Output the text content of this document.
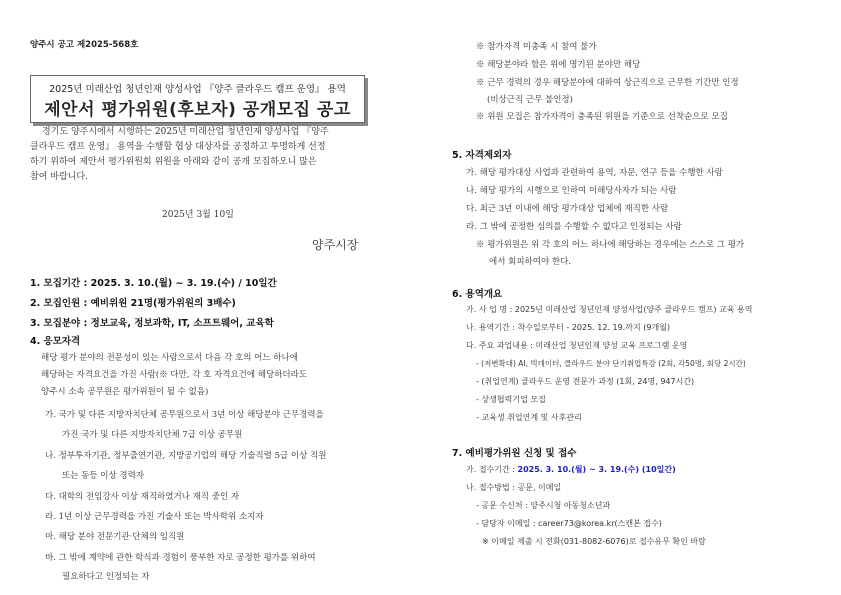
양주시 공고 제2025-568호
2025년 미래산업 청년인재 양성사업 『양주 클라우드 캠프 운영』 용역
제안서 평가위원(후보자) 공개모집 공고
경기도 양주시에서 시행하는 2025년 미래산업 청년인재 양성사업 『양주
클라우드 캠프 운영』 용역을 수행할 협상 대상자를 공정하고 투명하게 선정
하기 위하여 제안서 평가위원회 위원을 아래와 같이 공개 모집하오니 많은
참여 바랍니다.
2025년 3월 10일
양주시장
1. 모집기간 : 2025. 3. 10.(월) ~ 3. 19.(수) / 10일간
2. 모집인원 : 예비위원 21명(평가위원의 3배수)
3. 모집분야 : 정보교육, 정보과학, IT, 소프트웨어, 교육학
4. 응모자격
해당 평가 분야의 전문성이 있는 사람으로서 다음 각 호의 어느 하나에
해당하는 자격요건을 가진 사람(※ 다만, 각 호 자격요건에 해당하더라도
양주시 소속 공무원은 평가위원이 될 수 없음)
가. 국가 및 다른 지방자치단체 공무원으로서 3년 이상 해당분야 근무경력을
가진 국가 및 다른 지방자치단체 7급 이상 공무원
나. 정부투자기관, 정부출연기관, 지방공기업의 해당 기술직렬 5급 이상 직원
또는 동등 이상 경력자
다. 대학의 전임강사 이상 재직하였거나 재직 중인 자
라. 1년 이상 근무경력을 가진 기술사 또는 박사학위 소지자
마. 해당 분야 전문기관·단체의 임직원
바. 그 밖에 계약에 관한 학식과 경험이 풍부한 자로 공정한 평가를 위하여
필요하다고 인정되는 자
※ 참가자격 미충족 시 참여 불가
※ 해당분야라 함은 위에 명기된 분야만 해당
※ 근무 경력의 경우 해당분야에 대하여 상근직으로 근무한 기간만 인정
(비상근직 근무 불인정)
※ 위원 모집은 참가자격이 충족된 위원을 기준으로 선착순으로 모집
5. 자격제외자
가. 해당 평가대상 사업과 관련하여 용역, 자문, 연구 등을 수행한 사람
나. 해당 평가의 시행으로 인하여 이해당사자가 되는 사람
다. 최근 3년 이내에 해당 평가대상 업체에 재직한 사람
라. 그 밖에 공정한 심의를 수행할 수 없다고 인정되는 사람
※ 평가위원은 위 각 호의 어느 하나에 해당하는 경우에는 스스로 그 평가
에서 회피하여야 한다.
6. 용역개요
가. 사 업 명 : 2025년 미래산업 청년인재 양성사업(양주 클라우드 캠프) 교육 용역
나. 용역기간 : 착수일로부터 - 2025. 12. 19.까지 (9개월)
다. 주요 과업내용 : 미래산업 청년인재 양성 교육 프로그램 운영
- (저변확대) AI, 빅데이터, 클라우드 분야 단기취업특강 (2회, 각50명, 회당 2시간)
- (취업연계) 클라우드 운영 전문가 과정 (1회, 24명, 947시간)
- 상생협력기업 모집
- 교육생 취업연계 및 사후관리
7. 예비평가위원 신청 및 접수
가. 접수기간 : 2025. 3. 10.(월) ~ 3. 19.(수) (10일간)
나. 접수방법 : 공문, 이메일
- 공문 수신처 : 양주시청 아동청소년과
- 담당자 이메일 : career73@korea.kr(스캔본 접수)
※ 이메일 제출 시 전화(031-8082-6076)로 접수유무 확인 바람
